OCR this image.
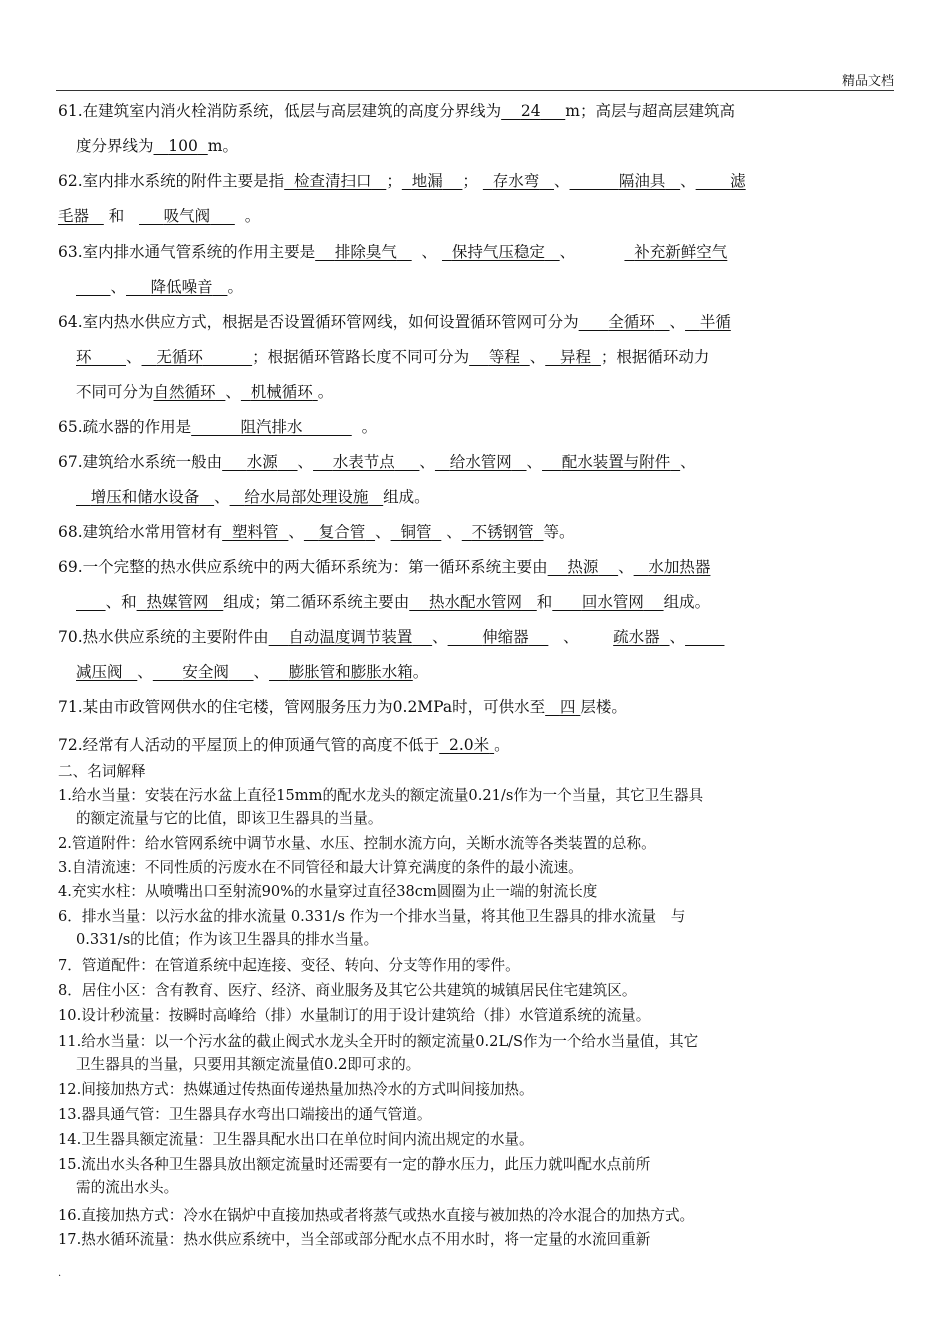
精品文档
61.在建筑室内消火栓消防系统，低层与高层建筑的高度分界线为 24 m；高层与超高层建筑高
度分界线为 100 m。
62.室内排水系统的附件主要是指 检查清扫口 ； 地漏 ； 存水弯 、	隔油具 、 滤
毛器 和	吸气阀 。
63.室内排水通气管系统的作用主要是 排除臭气 、 保持气压稳定 、	补充新鲜空气
、 降低噪音 。
64.室内热水供应方式，根据是否设置循环管网线，如何设置循环管网可分为 全循环 、 半循
环 、 无循环	；根据循环管路长度不同可分为 等程 、 异程 ；根据循环动力
不同可分为自然循环 、 机械循环 。
65.疏水器的作用是	阻汽排水	。
67.建筑给水系统一般由 水源 、 水表节点 、 给水管网 、 配水装置与附件 、
增压和储水设备 、 给水局部处理设施 组成。
68.建筑给水常用管材有 塑料管 、 复合管 、 铜管 、 不锈钢管 等。
69.一个完整的热水供应系统中的两大循环系统为：第一循环系统主要由 热源 、 水加热器
、和 热媒管网 组成；第二循环系统主要由 热水配水管网 和 回水管网 组成。
70.热水供应系统的主要附件由 自动温度调节装置 、 伸缩器 、 疏水器 、
减压阀 、 安全阀 、 膨胀管和膨胀水箱。
71.某由市政管网供水的住宅楼，管网服务压力为0.2MPa时，可供水至 四 层楼。
72.经常有人活动的平屋顶上的伸顶通气管的高度不低于 2.0米 。
二、名词解释
1.给水当量：安装在污水盆上直径15mm的配水龙头的额定流量0.21/s作为一个当量，其它卫生器具
的额定流量与它的比值，即该卫生器具的当量。
2.管道附件：给水管网系统中调节水量、水压、控制水流方向，关断水流等各类装置的总称。
3.自清流速：不同性质的污废水在不同管径和最大计算充满度的条件的最小流速。
4.充实水柱：从喷嘴出口至射流90%的水量穿过直径38cm圆圈为止一端的射流长度
6．排水当量：以污水盆的排水流量 0.331/s 作为一个排水当量，将其他卫生器具的排水流量　与
0.331/s的比值；作为该卫生器具的排水当量。
7．管道配件：在管道系统中起连接、变径、转向、分支等作用的零件。
8．居住小区：含有教育、医疗、经济、商业服务及其它公共建筑的城镇居民住宅建筑区。
10.设计秒流量：按瞬时高峰给（排）水量制订的用于设计建筑给（排）水管道系统的流量。
11.给水当量：以一个污水盆的截止阀式水龙头全开时的额定流量0.2L/S作为一个给水当量值，其它
卫生器具的当量，只要用其额定流量值0.2即可求的。
12.间接加热方式：热媒通过传热面传递热量加热冷水的方式叫间接加热。
13.器具通气管：卫生器具存水弯出口端接出的通气管道。
14.卫生器具额定流量：卫生器具配水出口在单位时间内流出规定的水量。
15.流出水头各种卫生器具放出额定流量时还需要有一定的静水压力，此压力就叫配水点前所
需的流出水头。
16.直接加热方式：冷水在锅炉中直接加热或者将蒸气或热水直接与被加热的冷水混合的加热方式。
17.热水循环流量：热水供应系统中，当全部或部分配水点不用水时，将一定量的水流回重新
.
